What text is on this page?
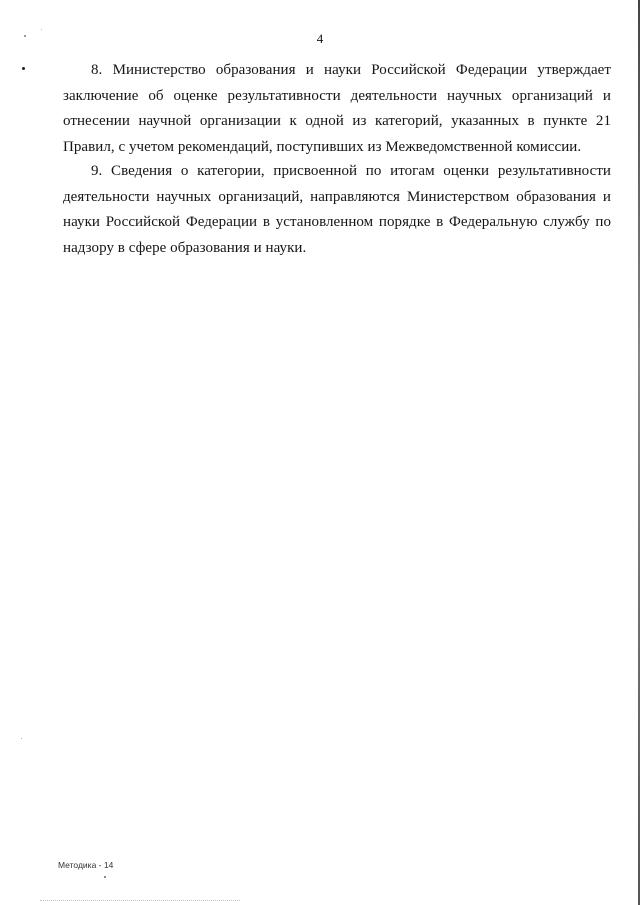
4

8. Министерство образования и науки Российской Федерации утверждает заключение об оценке результативности деятельности научных организаций и отнесении научной организации к одной из категорий, указанных в пункте 21 Правил, с учетом рекомендаций, поступивших из Межведомственной комиссии.

9. Сведения о категории, присвоенной по итогам оценки результативности деятельности научных организаций, направляются Министерством образования и науки Российской Федерации в установленном порядке в Федеральную службу по надзору в сфере образования и науки.

Методика - 14
